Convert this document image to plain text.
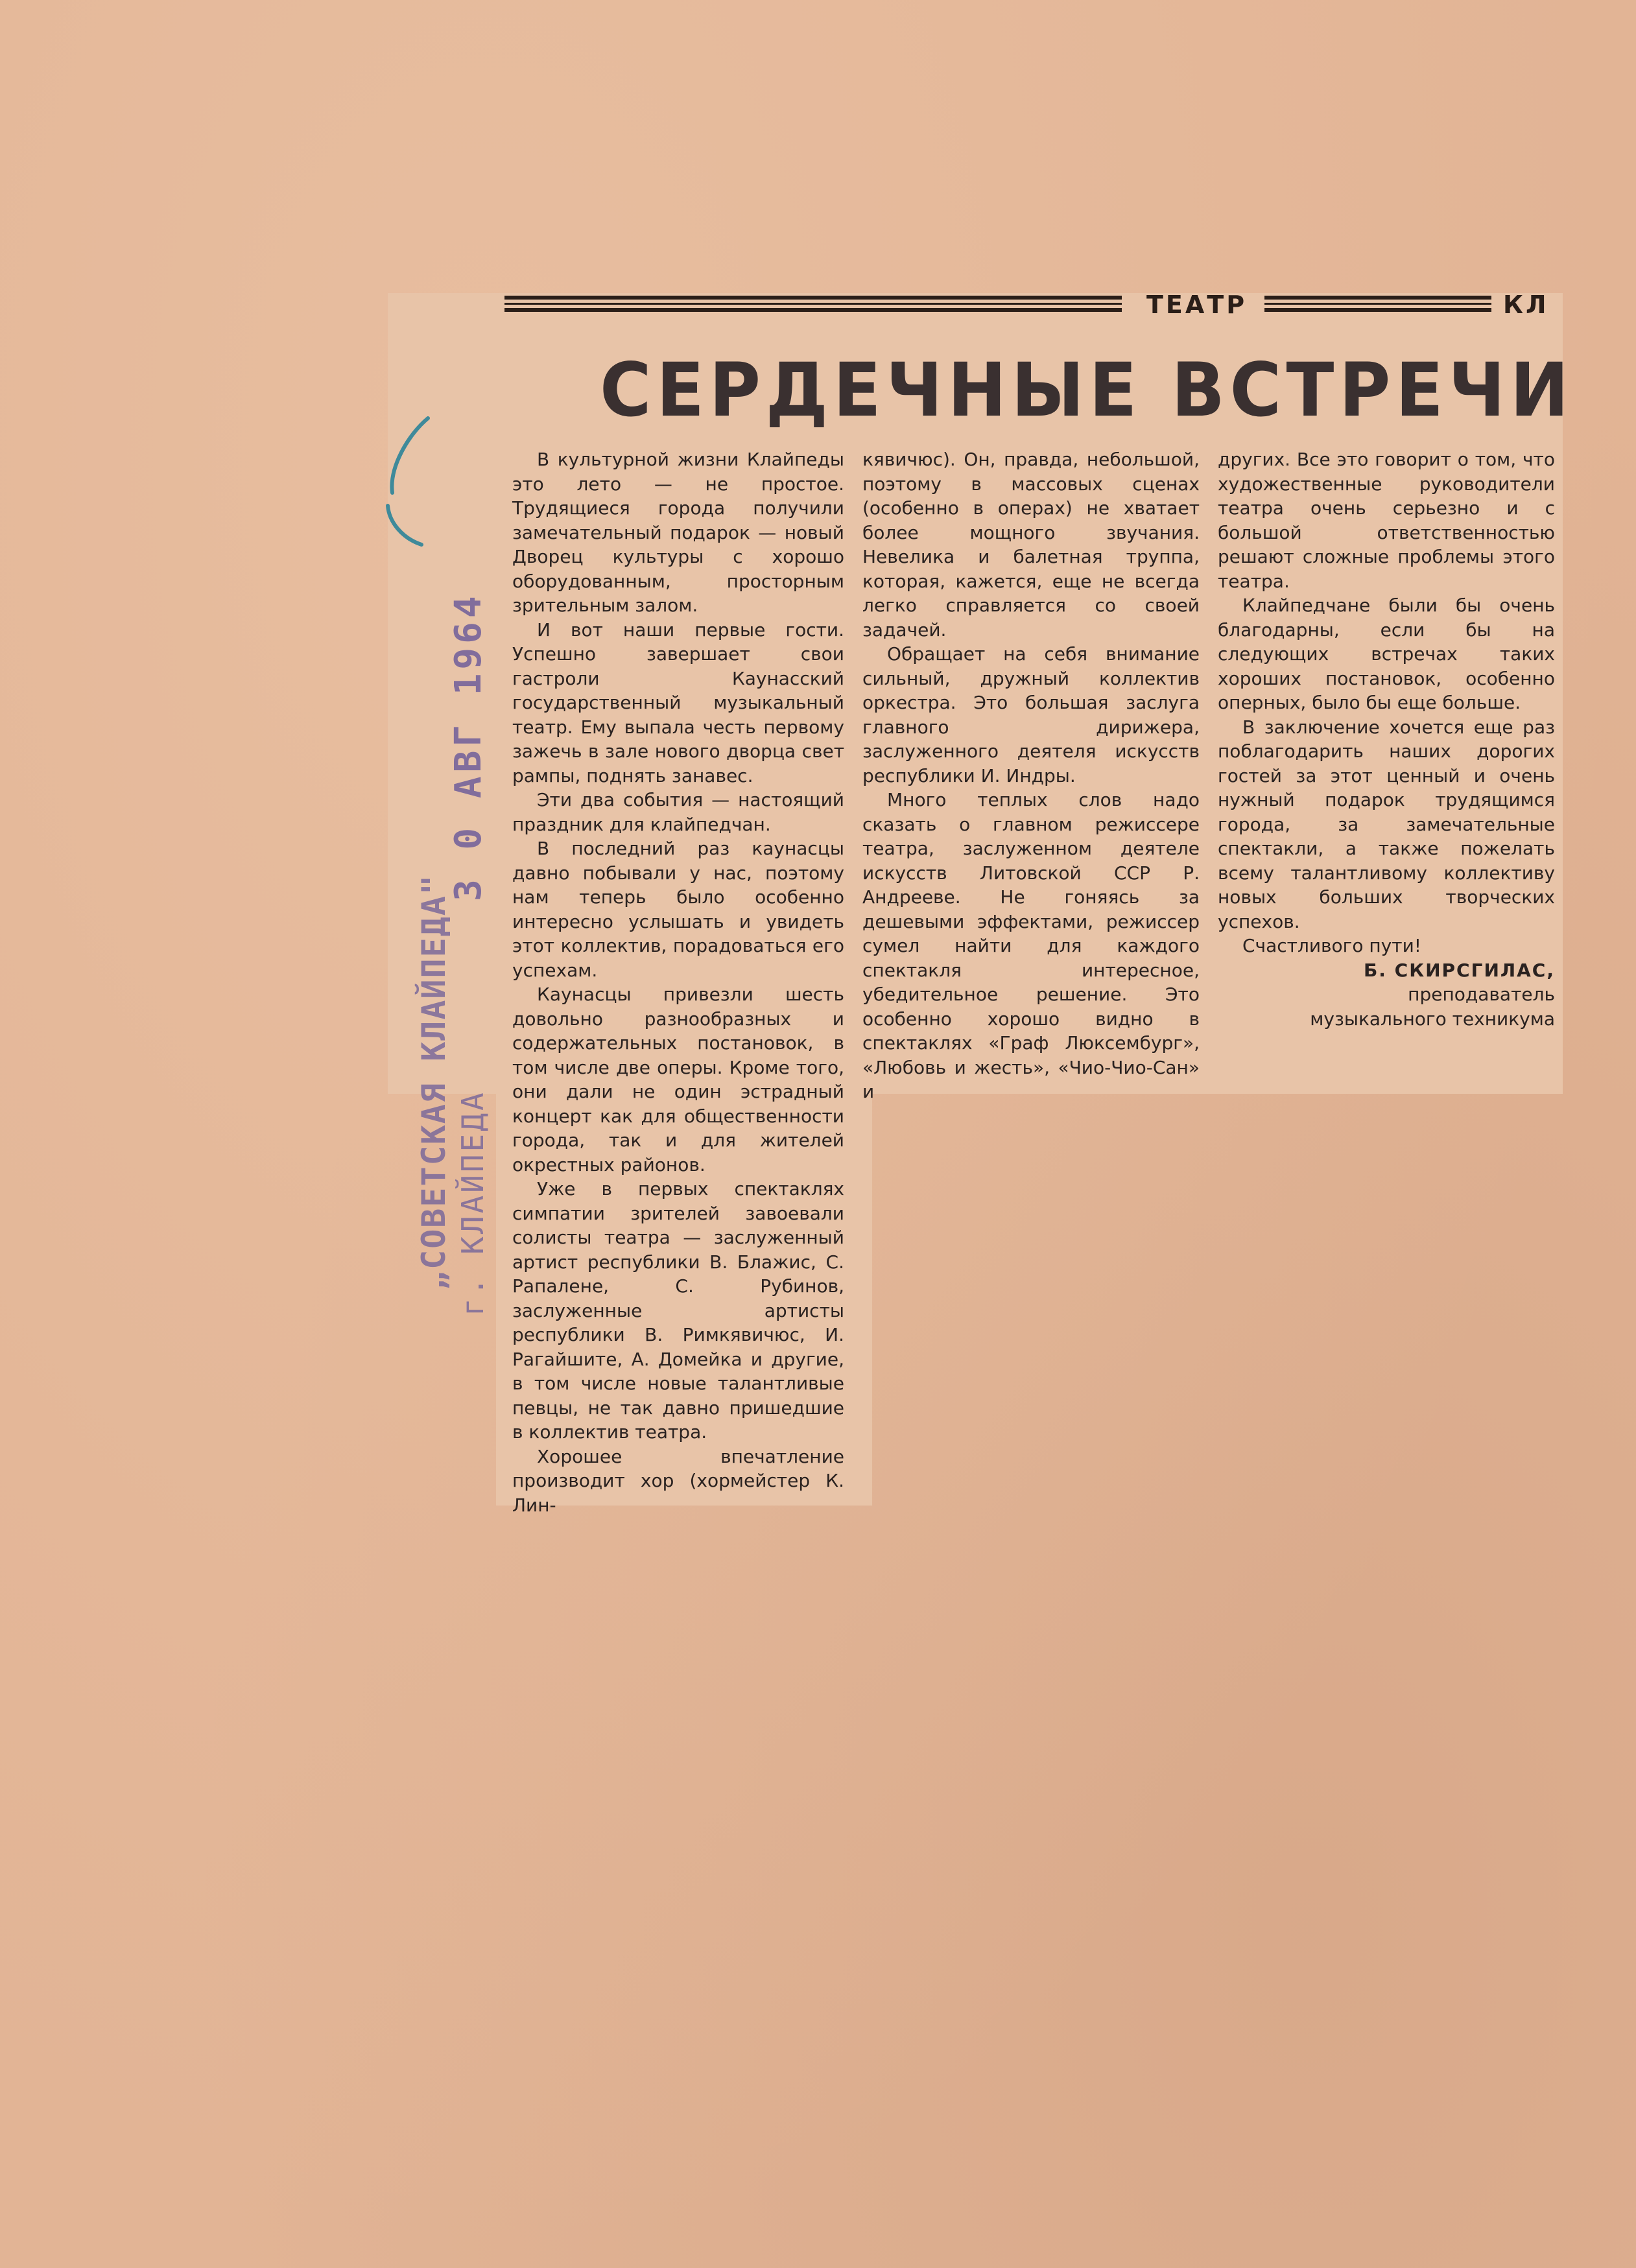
ТЕАТР	КЛ
СЕРДЕЧНЫЕ ВСТРЕЧИ

В культурной жизни Клайпеды это лето — не простое. Трудящиеся города получили замечательный подарок — новый Дворец культуры с хорошо оборудованным, просторным зрительным залом.

И вот наши первые гости. Успешно завершает свои гастроли Каунасский государственный музыкальный театр. Ему выпала честь первому зажечь в зале нового дворца свет рампы, поднять занавес.

Эти два события — настоящий праздник для клайпедчан.

В последний раз каунасцы давно побывали у нас, поэтому нам теперь было особенно интересно услышать и увидеть этот коллектив, порадоваться его успехам.

Каунасцы привезли шесть довольно разнообразных и содержательных постановок, в том числе две оперы. Кроме того, они дали не один эстрадный концерт как для общественности города, так и для жителей окрестных районов.

Уже в первых спектаклях симпатии зрителей завоевали солисты театра — заслуженный артист республики В. Блажис, С. Рапалене, С. Рубинов, заслуженные артисты республики В. Римкявичюс, И. Рагайшите, А. Домейка и другие, в том числе новые талантливые певцы, не так давно пришедшие в коллектив театра.

Хорошее впечатление производит хор (хормейстер К. Лин-

кявичюс). Он, правда, небольшой, поэтому в массовых сценах (особенно в операх) не хватает более мощного звучания. Невелика и балетная труппа, которая, кажется, еще не всегда легко справляется со своей задачей.

Обращает на себя внимание сильный, дружный коллектив оркестра. Это большая заслуга главного дирижера, заслуженного деятеля искусств республики И. Индры.

Много теплых слов надо сказать о главном режиссере театра, заслуженном деятеле искусств Литовской ССР Р. Андрееве. Не гоняясь за дешевыми эффектами, режиссер сумел найти для каждого спектакля интересное, убедительное решение. Это особенно хорошо видно в спектаклях «Граф Люксембург», «Любовь и жесть», «Чио-Чио-Сан» и

других. Все это говорит о том, что художественные руководители театра очень серьезно и с большой ответственностью решают сложные проблемы этого театра.

Клайпедчане были бы очень благодарны, если бы на следующих встречах таких хороших постановок, особенно оперных, было бы еще больше.

В заключение хочется еще раз поблагодарить наших дорогих гостей за этот ценный и очень нужный подарок трудящимся города, за замечательные спектакли, а также пожелать всему талантливому коллективу новых больших творческих успехов.

Счастливого пути!

Б. СКИРСГИЛАС,

преподаватель

музыкального техникума

„СОВЕТСКАЯ КЛАЙПЕДА" г. КЛАЙПЕДА
3 0 АВГ 1964
